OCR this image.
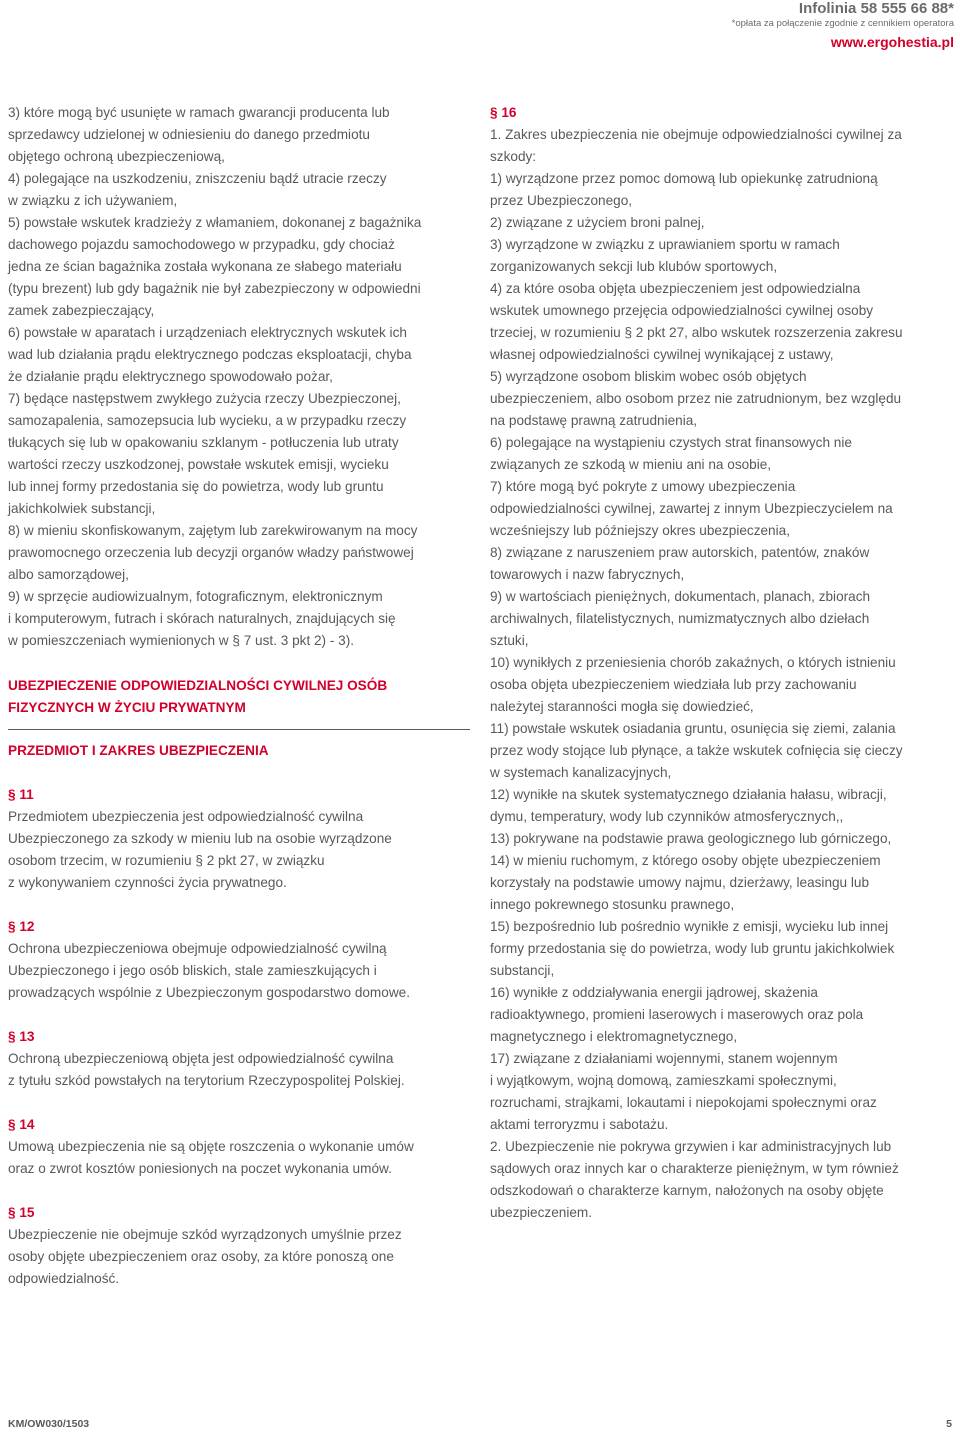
Infolinia 58 555 66 88*
*opłata za połączenie zgodnie z cennikiem operatora
www.ergohestia.pl
3) które mogą być usunięte w ramach gwarancji producenta lub
sprzedawcy udzielonej w odniesieniu do danego przedmiotu
objętego ochroną ubezpieczeniową,
4) polegające na uszkodzeniu, zniszczeniu bądź utracie rzeczy
w związku z ich używaniem,
5) powstałe wskutek kradzieży z włamaniem, dokonanej z bagażnika
dachowego pojazdu samochodowego w przypadku, gdy chociaż
jedna ze ścian bagażnika została wykonana ze słabego materiału
(typu brezent) lub gdy bagażnik nie był zabezpieczony w odpowiedni
zamek zabezpieczający,
6) powstałe w aparatach i urządzeniach elektrycznych wskutek ich
wad lub działania prądu elektrycznego podczas eksploatacji, chyba
że działanie prądu elektrycznego spowodowało pożar,
7) będące następstwem zwykłego zużycia rzeczy Ubezpieczonej,
samozapalenia, samozepsucia lub wycieku, a w przypadku rzeczy
tłukących się lub w opakowaniu szklanym - potłuczenia lub utraty
wartości rzeczy uszkodzonej, powstałe wskutek emisji, wycieku
lub innej formy przedostania się do powietrza, wody lub gruntu
jakichkolwiek substancji,
8) w mieniu skonfiskowanym, zajętym lub zarekwirowanym na mocy
prawomocnego orzeczenia lub decyzji organów władzy państwowej
albo samorządowej,
9) w sprzęcie audiowizualnym, fotograficznym, elektronicznym
i komputerowym, futrach i skórach naturalnych, znajdujących się
w pomieszczeniach wymienionych w § 7 ust. 3 pkt 2) - 3).
UBEZPIECZENIE ODPOWIEDZIALNOŚCI CYWILNEJ OSÓB
FIZYCZNYCH W ŻYCIU PRYWATNYM
PRZEDMIOT I ZAKRES UBEZPIECZENIA
§ 11
Przedmiotem ubezpieczenia jest odpowiedzialność cywilna
Ubezpieczonego za szkody w mieniu lub na osobie wyrządzone
osobom trzecim, w rozumieniu § 2 pkt 27, w związku
z wykonywaniem czynności życia prywatnego.
§ 12
Ochrona ubezpieczeniowa obejmuje odpowiedzialność cywilną
Ubezpieczonego i jego osób bliskich, stale zamieszkujących i
prowadzących wspólnie z Ubezpieczonym gospodarstwo domowe.
§ 13
Ochroną ubezpieczeniową objęta jest odpowiedzialność cywilna
z tytułu szkód powstałych na terytorium Rzeczypospolitej Polskiej.
§ 14
Umową ubezpieczenia nie są objęte roszczenia o wykonanie umów
oraz o zwrot kosztów poniesionych na poczet wykonania umów.
§ 15
Ubezpieczenie nie obejmuje szkód wyrządzonych umyślnie przez
osoby objęte ubezpieczeniem oraz osoby, za które ponoszą one
odpowiedzialność.
§ 16
1. Zakres ubezpieczenia nie obejmuje odpowiedzialności cywilnej za
szkody:
1) wyrządzone przez pomoc domową lub opiekunkę zatrudnioną
przez Ubezpieczonego,
2) związane z użyciem broni palnej,
3) wyrządzone w związku z uprawianiem sportu w ramach
zorganizowanych sekcji lub klubów sportowych,
4) za które osoba objęta ubezpieczeniem jest odpowiedzialna
wskutek umownego przejęcia odpowiedzialności cywilnej osoby
trzeciej, w rozumieniu § 2 pkt 27, albo wskutek rozszerzenia zakresu
własnej odpowiedzialności cywilnej wynikającej z ustawy,
5) wyrządzone osobom bliskim wobec osób objętych
ubezpieczeniem, albo osobom przez nie zatrudnionym, bez względu
na podstawę prawną zatrudnienia,
6) polegające na wystąpieniu czystych strat finansowych nie
związanych ze szkodą w mieniu ani na osobie,
7) które mogą być pokryte z umowy ubezpieczenia
odpowiedzialności cywilnej, zawartej z innym Ubezpieczycielem na
wcześniejszy lub późniejszy okres ubezpieczenia,
8) związane z naruszeniem praw autorskich, patentów, znaków
towarowych i nazw fabrycznych,
9) w wartościach pieniężnych, dokumentach, planach, zbiorach
archiwalnych, filatelistycznych, numizmatycznych albo dziełach
sztuki,
10) wynikłych z przeniesienia chorób zakaźnych, o których istnieniu
osoba objęta ubezpieczeniem wiedziała lub przy zachowaniu
należytej staranności mogła się dowiedzieć,
11) powstałe wskutek osiadania gruntu, osunięcia się ziemi, zalania
przez wody stojące lub płynące, a także wskutek cofnięcia się cieczy
w systemach kanalizacyjnych,
12) wynikłe na skutek systematycznego działania hałasu, wibracji,
dymu, temperatury, wody lub czynników atmosferycznych,,
13) pokrywane na podstawie prawa geologicznego lub górniczego,
14) w mieniu ruchomym, z którego osoby objęte ubezpieczeniem
korzystały na podstawie umowy najmu, dzierżawy, leasingu lub
innego pokrewnego stosunku prawnego,
15) bezpośrednio lub pośrednio wynikłe z emisji, wycieku lub innej
formy przedostania się do powietrza, wody lub gruntu jakichkolwiek
substancji,
16) wynikłe z oddziaływania energii jądrowej, skażenia
radioaktywnego, promieni laserowych i maserowych oraz pola
magnetycznego i elektromagnetycznego,
17) związane z działaniami wojennymi, stanem wojennym
i wyjątkowym, wojną domową, zamieszkami społecznymi,
rozruchami, strajkami, lokautami i niepokojami społecznymi oraz
aktami terroryzmu i sabotażu.
2. Ubezpieczenie nie pokrywa grzywien i kar administracyjnych lub
sądowych oraz innych kar o charakterze pieniężnym, w tym również
odszkodowań o charakterze karnym, nałożonych na osoby objęte
ubezpieczeniem.
KM/OW030/1503	5
